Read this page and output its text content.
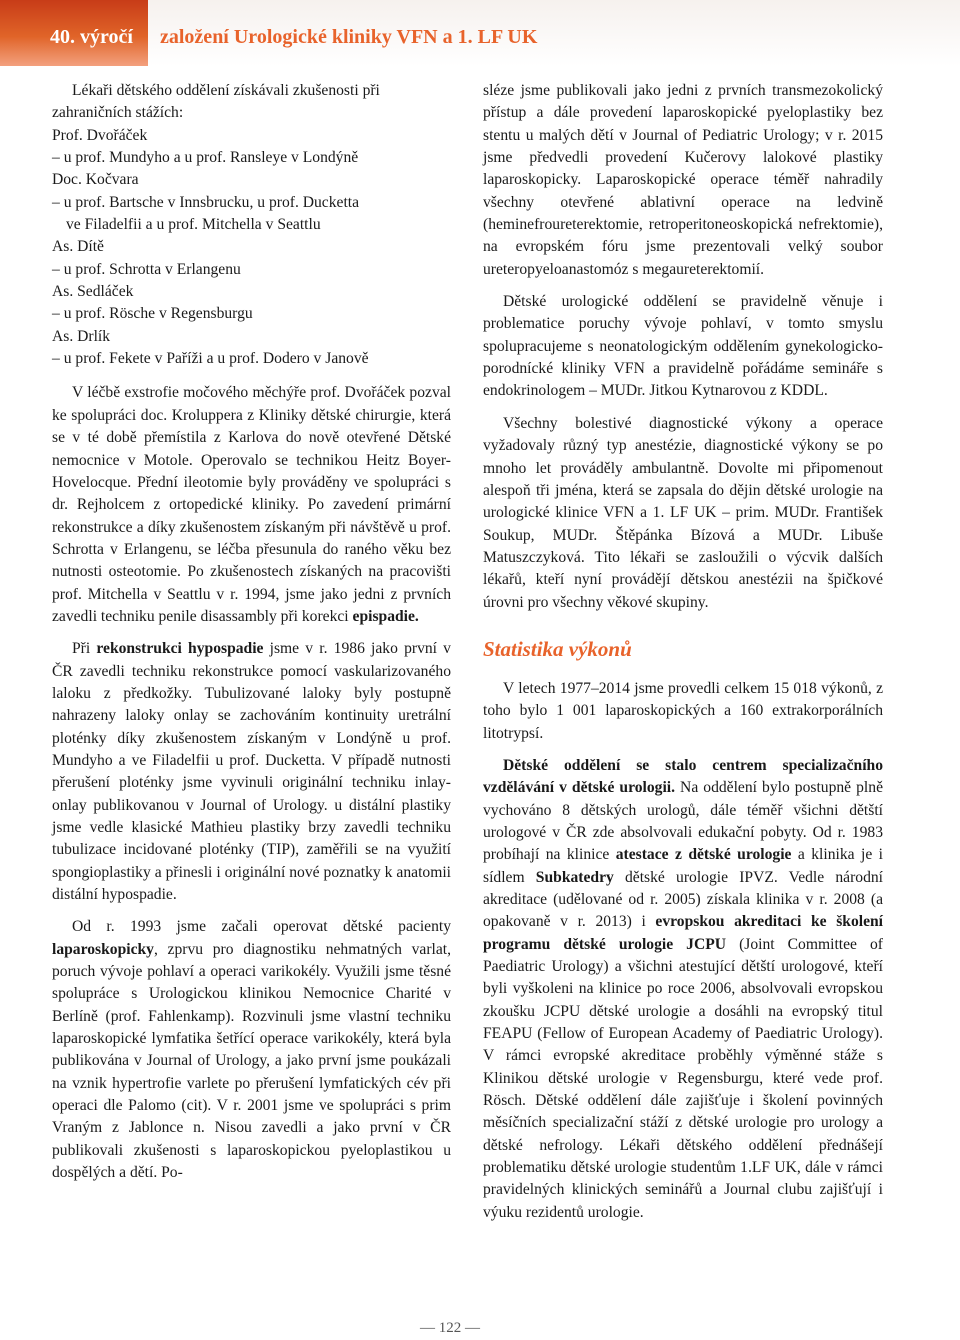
40. výročí založení Urologické kliniky VFN a 1. LF UK
Lékaři dětského oddělení získávali zkušenosti při
zahraničních stážích:
Prof. Dvořáček
– u prof. Mundyho a u prof. Ransleye v Londýně
Doc. Kočvara
– u prof. Bartsche v Innsbrucku, u prof. Ducketta
ve Filadelfii a u prof. Mitchella v Seattlu
As. Dítě
– u prof. Schrotta v Erlangenu
As. Sedláček
– u prof. Rösche v Regensburgu
As. Drlík
– u prof. Fekete v Paříži a u prof. Dodero v Janově

V léčbě exstrofie močového měchýře prof. Dvořáček pozval ke spolupráci doc. Kroluppera z Kliniky dětské chirurgie, která se v té době přemístila z Karlova do nově otevřené Dětské nemocnice v Motole. Operovalo se technikou Heitz Boyer-Hovelocque. Přední ileotomie byly prováděny ve spolupráci s dr. Rejholcem z ortopedické kliniky. Po zavedení primární rekonstrukce a díky zkušenostem získaným při návštěvě u prof. Schrotta v Erlangenu, se léčba přesunula do raného věku bez nutnosti osteotomie. Po zkušenostech získaných na pracovišti prof. Mitchella v Seattlu v r. 1994, jsme jako jedni z prvních zavedli techniku penile disassambly při korekci epispadie.

Při rekonstrukci hypospadie jsme v r. 1986 jako první v ČR zavedli techniku rekonstrukce pomocí vaskularizovaného laloku z předkožky. Tubulizované laloky byly postupně nahrazeny laloky onlay se zachováním kontinuity uretrální ploténky díky zkušenostem získaným v Londýně u prof. Mundyho a ve Filadelfii u prof. Ducketta. V případě nutnosti přerušení ploténky jsme vyvinuli originální techniku inlay-onlay publikovanou v Journal of Urology. u distální plastiky jsme vedle klasické Mathieu plastiky brzy zavedli techniku tubulizace incidované ploténky (TIP), zaměřili se na využití spongioplastiky a přinesli i originální nové poznatky k anatomii distální hypospadie.

Od r. 1993 jsme začali operovat dětské pacienty laparoskopicky, zprvu pro diagnostiku nehmatných varlat, poruch vývoje pohlaví a operaci varikokély. Využili jsme těsné spolupráce s Urologickou klinikou Nemocnice Charité v Berlíně (prof. Fahlenkamp). Rozvinuli jsme vlastní techniku laparoskopické lymfatika šetřící operace varikokély, která byla publikována v Journal of Urology, a jako první jsme poukázali na vznik hypertrofie varlete po přerušení lymfatických cév při operaci dle Palomo (cit). V r. 2001 jsme ve spolupráci s prim Vraným z Jablonce n. Nisou zavedli a jako první v ČR publikovali zkušenosti s laparoskopickou pyeloplastikou u dospělých a dětí. Po-

sléze jsme publikovali jako jedni z prvních transmezokolický přístup a dále provedení laparoskopické pyeloplastiky bez stentu u malých dětí v Journal of Pediatric Urology; v r. 2015 jsme předvedli provedení Kučerovy lalokové plastiky laparoskopicky. Laparoskopické operace téměř nahradily všechny otevřené ablativní operace na ledvině (heminefroureterektomie, retroperitoneoskopická nefrektomie), na evropském fóru jsme prezentovali velký soubor ureteropyeloanastomóz s megaureterektomií.

Dětské urologické oddělení se pravidelně věnuje i problematice poruchy vývoje pohlaví, v tomto smyslu spolupracujeme s neonatologickým oddělením gynekologicko-porodnícké kliniky VFN a pravidelně pořádáme semináře s endokrinologem – MUDr. Jitkou Kytnarovou z KDDL.

Všechny bolestivé diagnostické výkony a operace vyžadovaly různý typ anestézie, diagnostické výkony se po mnoho let prováděly ambulantně. Dovolte mi připomenout alespoň tři jména, která se zapsala do dějin dětské urologie na urologické klinice VFN a 1. LF UK – prim. MUDr. František Soukup, MUDr. Štěpánka Bízová a MUDr. Libuše Matuszczyková. Tito lékaři se zasloužili o výcvik dalších lékařů, kteří nyní provádějí dětskou anestézii na špičkové úrovni pro všechny věkové skupiny.

Statistika výkonů

V letech 1977–2014 jsme provedli celkem 15 018 výkonů, z toho bylo 1 001 laparoskopických a 160 extrakorporálních litotrypsí.

Dětské oddělení se stalo centrem specializačního vzdělávání v dětské urologii. Na oddělení bylo postupně plně vychováno 8 dětských urologů, dále téměř všichni dětští urologové v ČR zde absolvovali edukační pobyty. Od r. 1983 probíhají na klinice atestace z dětské urologie a klinika je i sídlem Subkatedry dětské urologie IPVZ. Vedle národní akreditace (udělované od r. 2005) získala klinika v r. 2008 (a opakovaně v r. 2013) i evropskou akreditaci ke školení programu dětské urologie JCPU (Joint Committee of Paediatric Urology) a všichni atestující dětští urologové, kteří byli vyškoleni na klinice po roce 2006, absolvovali evropskou zkoušku JCPU dětské urologie a dosáhli na evropský titul FEAPU (Fellow of European Academy of Paediatric Urology). V rámci evropské akreditace proběhly výměnné stáže s Klinikou dětské urologie v Regensburgu, které vede prof. Rösch. Dětské oddělení dále zajišťuje i školení povinných měsíčních specializační stáží z dětské urologie pro urology a dětské nefrology. Lékaři dětského oddělení přednášejí problematiku dětské urologie studentům 1.LF UK, dále v rámci pravidelných klinických seminářů a Journal clubu zajišťují i výuku rezidentů urologie.

— 122 —
